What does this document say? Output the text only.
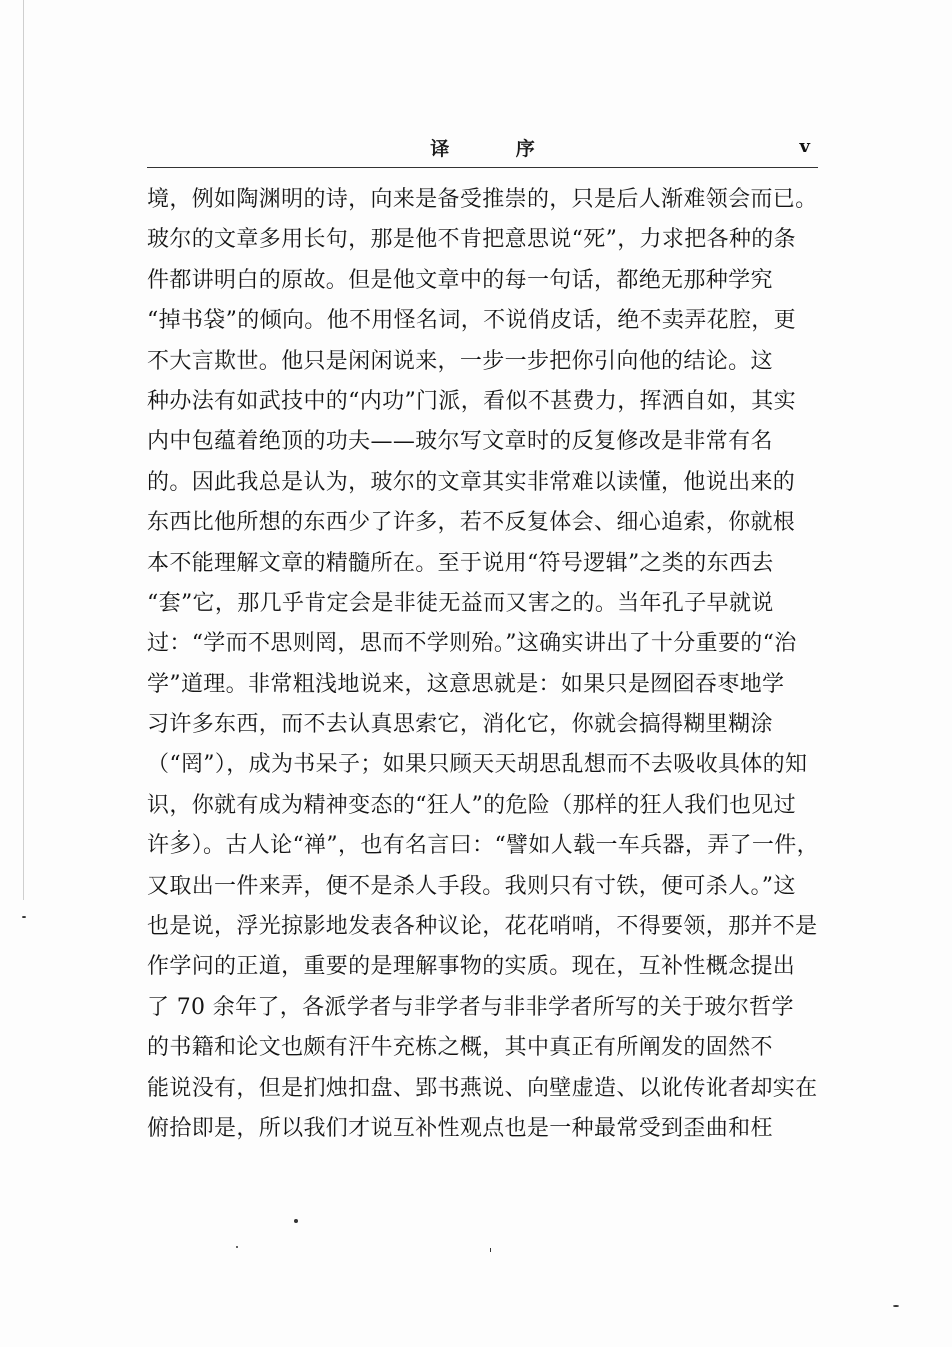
译 序	v
境，例如陶渊明的诗，向来是备受推崇的，只是后人渐难领会而已。
玻尔的文章多用长句，那是他不肯把意思说“死”，力求把各种的条
件都讲明白的原故。但是他文章中的每一句话，都绝无那种学究
“掉书袋”的倾向。他不用怪名词，不说俏皮话，绝不卖弄花腔，更
不大言欺世。他只是闲闲说来，一步一步把你引向他的结论。这
种办法有如武技中的“内功”门派，看似不甚费力，挥洒自如，其实
内中包蕴着绝顶的功夫——玻尔写文章时的反复修改是非常有名
的。因此我总是认为，玻尔的文章其实非常难以读懂，他说出来的
东西比他所想的东西少了许多，若不反复体会、细心追索，你就根
本不能理解文章的精髓所在。至于说用“符号逻辑”之类的东西去
“套”它，那几乎肯定会是非徒无益而又害之的。当年孔子早就说
过：“学而不思则罔，思而不学则殆。”这确实讲出了十分重要的“治
学”道理。非常粗浅地说来，这意思就是：如果只是囫囵吞枣地学
习许多东西，而不去认真思索它，消化它，你就会搞得糊里糊涂
（“罔”），成为书呆子；如果只顾天天胡思乱想而不去吸收具体的知
识，你就有成为精神变态的“狂人”的危险（那样的狂人我们也见过
许多）。古人论“禅”，也有名言曰：“譬如人载一车兵器，弄了一件，
又取出一件来弄，便不是杀人手段。我则只有寸铁，便可杀人。”这
也是说，浮光掠影地发表各种议论，花花哨哨，不得要领，那并不是
作学问的正道，重要的是理解事物的实质。现在，互补性概念提出
了 70 余年了，各派学者与非学者与非非学者所写的关于玻尔哲学
的书籍和论文也颇有汗牛充栋之概，其中真正有所阐发的固然不
能说没有，但是扪烛扣盘、郢书燕说、向壁虚造、以讹传讹者却实在
俯拾即是，所以我们才说互补性观点也是一种最常受到歪曲和枉
